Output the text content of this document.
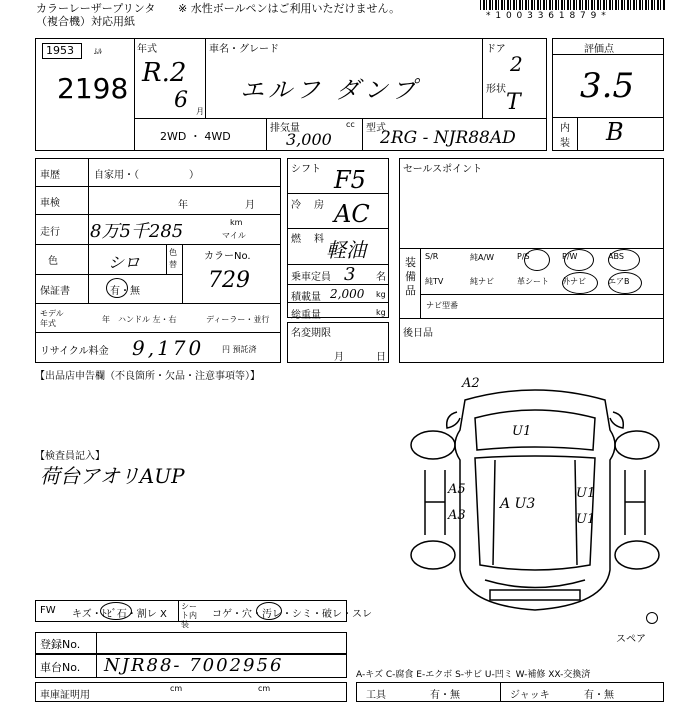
カラーレーザープリンタ
（複合機）対応用紙
※ 水性ボールペンはご利用いただけません。
* 1 0 0 3 3 6 1 8 7 9 *
1953	ﾑﾙ
2198
年式
R.2
6 月
車名・グレード
エルフ ダンプ
ドア
2
形状
T
評価点
3.5
内
装 B
2WD ・ 4WD
排気量	cc
3,000
型式
2RG - NJR88AD
車歴	自家用・（　　　　　）
車検	年	月
走行 8万5千285	km
マイル
色	シロ
色替
カラーNo.
729
保証書	有・無
モデル
年式	年 ハンドル 左・右	ディーラー・並行
リサイクル料金 9,170 円 預託済
シフト F5
冷 房 AC
燃 料 軽油
乗車定員 3 名
積載量 2,000 kg
総重量	kg
名変期限
月	日
セールスポイント
装備品
S/R	純A/W	P/S	P/W	ABS
純TV	純ナビ	革シート 外ナビ	エアB
ナビ型番
後日品
【出品店申告欄（不良箇所・欠品・注意事項等）】
【検査員記入】
荷台アオリAUP
A2
U1
A5
A3
A U3
U1
U1
スペア
FW キズ・ﾄﾋﾞ石・割レ X
シート内装
コゲ・穴・汚レ・シミ・破レ・スレ
登録No.
車台No. NJR88- 7002956
車庫証明用
cm	cm
A-キズ C-腐食 E-エクボ S-サビ U-凹ミ W-補修 XX-交換済
工具	有・無	ジャッキ	有・無
